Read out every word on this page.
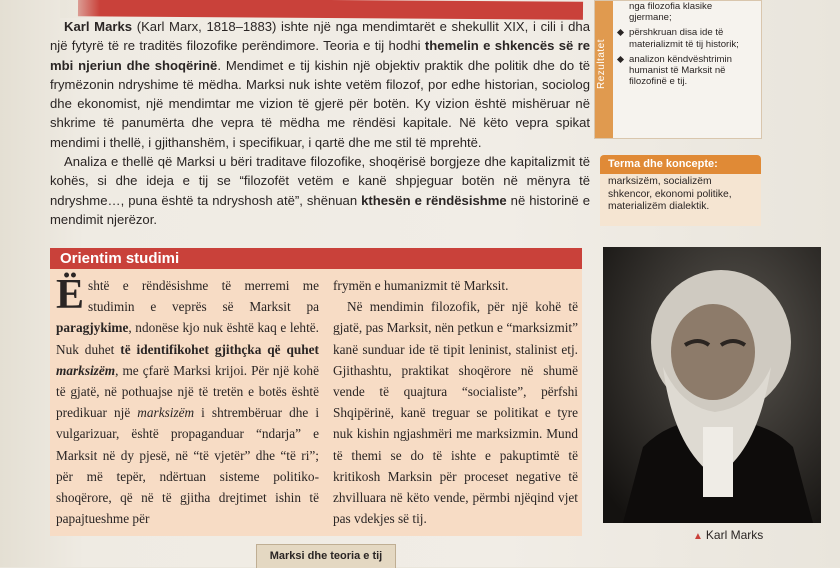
Karl Marks (Karl Marx, 1818–1883) ishte një nga mendimtarët e shekullit XIX, i cili i dha një fytyrë të re traditës filozofike perëndimore. Teoria e tij hodhi themelin e shkencës së re mbi njeriun dhe shoqërinë. Mendimet e tij kishin një objektiv praktik dhe politik dhe do të frymëzonin ndryshime të mëdha. Marksi nuk ishte vetëm filozof, por edhe historian, sociolog dhe ekonomist, një mendimtar me vizion të gjerë për botën. Ky vizion është mishëruar në shkrime të panumërta dhe vepra të mëdha me rëndësi kapitale. Në këto vepra spikat mendimi i thellë, i gjithanshëm, i specifikuar, i qartë dhe me stil të mprehtë.

Analiza e thellë që Marksi u bëri traditave filozofike, shoqërisë borgjeze dhe kapitalizmit të kohës, si dhe ideja e tij se “filozofët vetëm e kanë shpjeguar botën në mënyra të ndryshme…, puna është ta ndryshosh atë”, shënuan kthesën e rëndësishme në historinë e mendimit njerëzor.

Rezultatet
nga filozofia klasike gjermane;
përshkruan disa ide të materializmit të tij historik;
analizon këndvështrimin humanist të Marksit në filozofinë e tij.
Terma dhe koncepte:
marksizëm, socializëm shkencor, ekonomi politike, materializëm dialektik.
Orientim studimi

Është e rëndësishme të merremi me studimin e veprës së Marksit pa paragjykime, ndonëse kjo nuk është kaq e lehtë. Nuk duhet të identifikohet gjithçka që quhet marksizëm, me çfarë Marksi krijoi. Për një kohë të gjatë, në pothuajse një të tretën e botës është predikuar një marksizëm i shtrembëruar dhe i vulgarizuar, është propaganduar “ndarja” e Marksit në dy pjesë, në “të vjetër” dhe “të ri”; për më tepër, ndërtuan sisteme politiko-shoqërore, që në të gjitha drejtimet ishin të papajtueshme për

frymën e humanizmit të Marksit.

Në mendimin filozofik, për një kohë të gjatë, pas Marksit, nën petkun e “marksizmit” kanë sunduar ide të tipit leninist, stalinist etj. Gjithashtu, praktikat shoqërore në shumë vende të quajtura “socialiste”, përfshi Shqipërinë, kanë treguar se politikat e tyre nuk kishin ngjashmëri me marksizmin. Mund të themi se do të ishte e pakuptimtë të kritikosh Marksin për proceset negative të zhvilluara në këto vende, përmbi njëqind vjet pas vdekjes së tij.

▲ Karl Marks
Marksi dhe teoria e tij
